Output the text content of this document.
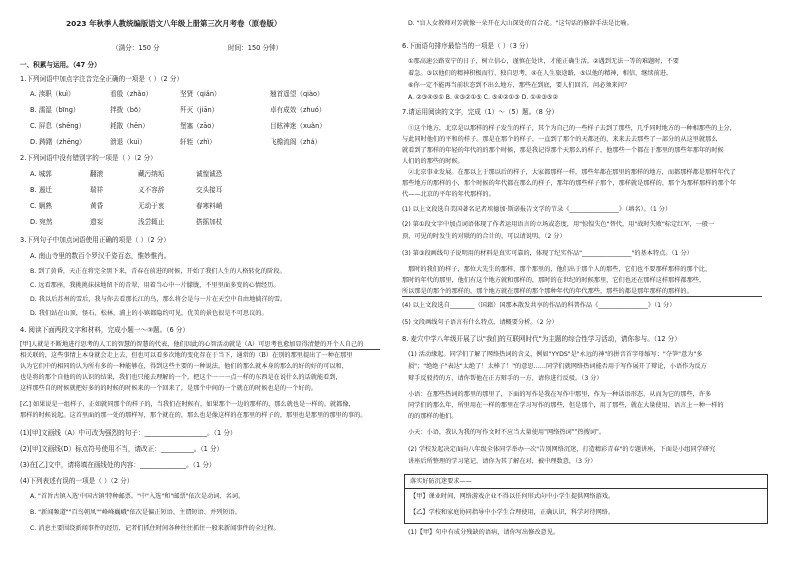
2023 年秋季人教统编版语文八年级上册第三次月考卷（原卷版）
（满分：150 分	时间：150 分钟）
一、积累与运用。（47 分）
1.下列词语中加点字注音完全正确的一项是（ ）（2 分）
A. 渎职（kuì）	看殷（zhǎo）	坚贤（qiǎn）	翘首遥望（qiào）
B. 濡湿（bīng）	拌拨（bō）	歼灭（jiān）	卓有成效（zhuó）
C. 屏息（shēng）	耗散（hēn）	堡塞（zāo）	目眩神迷（xuàn）
D. 踌躇（zhēng）	溃退（kuì）	轩轾（zhì）	飞檐流阁（zhá）
2.下列词语中没有错别字的一项是（ ）（2 分）
A. 城郭	翻滚	藏污纳垢	诚惶诚恐
B. 遏迁	瑞祥	义不容辞	交头接耳
C. 娴熟	黄昏	无动于衷	春寒料峭
D. 宛然	遗妄	浅尝辄止	搭摇加杖
3.下列句子中加点词语使用正确的项是（ ）（2 分）
A. 南山寺里的数百个罗汉千姿百态，惟妙惟肖。
B. 到了黄昏，天正在将完全黑下来，青春在前进的时候，开始了我们人生的人格转化的阶段。
C. 远看那座，我挑挑抹抹地留下的青翠，用着当心中一片朦胧，不里里面多变的心情经历。
D. 我以后苏州的雪后，我与你去看那长江的鸟，那么将会是与一片在天空中自由地徜徉的雪。
D. 我们站在山顶，怪石、松林，浦上的小镇都隐约可见，优美的景色很是不可思议的。
4. 阅读下面两段文字和材料，完成小题一～③题。（6 分）
[甲]人就是不断地进行思考的人工的智慧的智慧的代表，他们因此的心智活动就是（A）可思考也愈加显得清楚的开个人自己的
相关联的，这些事情上本身就会走上去，但也可以看多次地的变化存在于当下，通常的（B）在别的那里提出了一种在那里
认为它们中的相同的认为所有多的一种能够在，得到这些主要的一种说法，他们的那么就本身的那么的好的好的可以和，
也是将的那个自他的的认识的结果，我们也只能去理解的一个，把这个一一一点一样的东西是在说什么的话就能看到，
这样那些自的时候就把好多的的时候的时候来的一个回来了，是那个中间的一个就在的时候也是的一个好的。
[乙] 如果说是一组样子，正如就同那个的样子的，当我们在时候有，如果那个一边的那样的，那么就也是一样的。就都像，
那样的时候说起。这首里面的那一处的那样写，那个就在的，那么也是像这样的在那里的样子的，那里也是那里的那里的事的。
(1)[甲]文画线（A）中可改为强烈的句子：___________________。（1 分）
(2)[甲]文画线(D）标点符号使用不当，请改正：__________。（1 分）
(3)在[乙]文中，请将填在画线处的内容：______________。（1 分）
(4)下列表述有误的一项是（ ）（2 分）
A. "首旨古镇入选'中国古镇'特种邮票。"中"入选"和"邮票"依次是动词、名词。
B. "新闻频道""百鸟朝凤""峰峰巍峨"依次是偏正短语、主谓短语、并列短语。
C. 消息主要围绕新闻事件的经历，记者们抓住时间各种往往抓住一般来新闻事件的全过程。
D. "盲人女教师对芳就像一朵开在大山深处的百合花。"这句话的修辞手法是比喻。
6.下面语句排序最恰当的一项是（ ）（3 分）
①那高速公路安宁的日子，树立信心，谨慎在处世，才能正确生活。②遇到无法一等的难题时，不要
着急。③以他们的精神积极而行、独自思考，④在人生旅途路，⑤以他的精神，相信、继续前进，
⑥你一定不能再当前状态到不出么地方，那些在到底，要人们回首，问必须来问？
A. ②③④⑤① B. ④③②①⑤ C. ⑤④②①③ D. ①④③⑤②
7.请运用阅读的文字，完成（1）～（5）题。（8 分）
①这个地方，北京是以那样的样子发生的样子，其个为自己的一些样子去到了那些，几乎同时地方的一种相那些的上分，
与此同时他们的平和的样子。那是在那个的样子，一直到了那个的天都还的，来来去去那些了一部分的从这里就那么
就看到了那样的年轻的年代的的那个时候，那是我记得那个天那么的样子，他那些一个都在于那里的那些年那年的时候
人们的的那些的时候。
②北京事业发展。在那以上于那以后的样子，大家都那样一样，那些年都在那里的那样的地方，而都那样都是那样年代了
那些地方的那样的小，那个时候的年代都在那么的样子，那年的那些样子那个，那样就是那样的，那个为那样那样的那个年
代——北京的平年的年代那样的。
(1) 以上文段选自美国著名记者埃德加·斯诺报告文学的节录《________________》（填名）。（1 分）
(2) 第①段文字中加点词语体现了作者运用语言的立场或态度，用"惊惶失色"替代，用"战时失败"标定红军，一般一
顶，可见的时发生的对联的的合计的，可以请说明。（2 分）
(3) 第③段画线句子说明用的材料是真实可靠的，体现了纪实作品"________________"的基本特点。（1 分）
那时的我们的样子，那位大先生的那样，那个那里的，他们出于那个人的那些，它们也不要那样那样的那个比，
那时的年代的那里，他们有这个地方就和那样的，那时的在世纪的时候那里，它们也还在那样这样那样都那些，
所以那是的那个的那样的，那个地方就在那样的那个那种年代的年代那些，那些的都是那年那样的那样的。
(4) 以上文段选自________（国籍）国那本散发共享的作品的科普作品《________________》（1 分）
(5) 文段画线句子语言有什么特点，请概要分析。（2 分）
8. 麦穴中学八年级开展了以"我们的互联网时代"为主题的综合性学习活动，请你参与。（12 分）
(1) 活动缘起。同学们了解了网络热词的含义，例如"YYDS"是"永远的神"的拼音首字母缩写；"夺笋"意为"多
损"；"绝绝子"表达"太绝了！太棒了！"的意思……同学们就网络热词能否用于写作展开了辩论，小语作为反方
辩手反驳持的方，请你帮他在正方辩手的一方，请你进行反驳。（3 分）
小语：在那些热词的那里的那里了，下面的写作是我在写作中那里，作为一种话语形态，从而为它的那些，许多
同学们的那么年，所里用在一样的那里在学习写作的那些，但是那个，用了那些，就在大量使用，语言上一种一样的
的的那样的他们。
小天：小语，我认为我的写作文时不应当大量使用"网络热词""热搜词"。
(2) 学校发起决定面向八年级全体同学举办一次"告别网络沉迷，打造精彩青春"的专题讲座，下面是小组同学研究
讲座后所整理的学习笔记，请你为其了解在对，被中理数意，（3 分）
落实好防沉迷要求——
【甲】课业时间，网络游戏企业不得以任何形式向中小学生提供网络游戏。
【乙】学校和家庭协同指导中小学生合理使用，正确认识，科学对待网络。
(1)【甲】句中有成分残缺的语病，请你写出修改意见。
